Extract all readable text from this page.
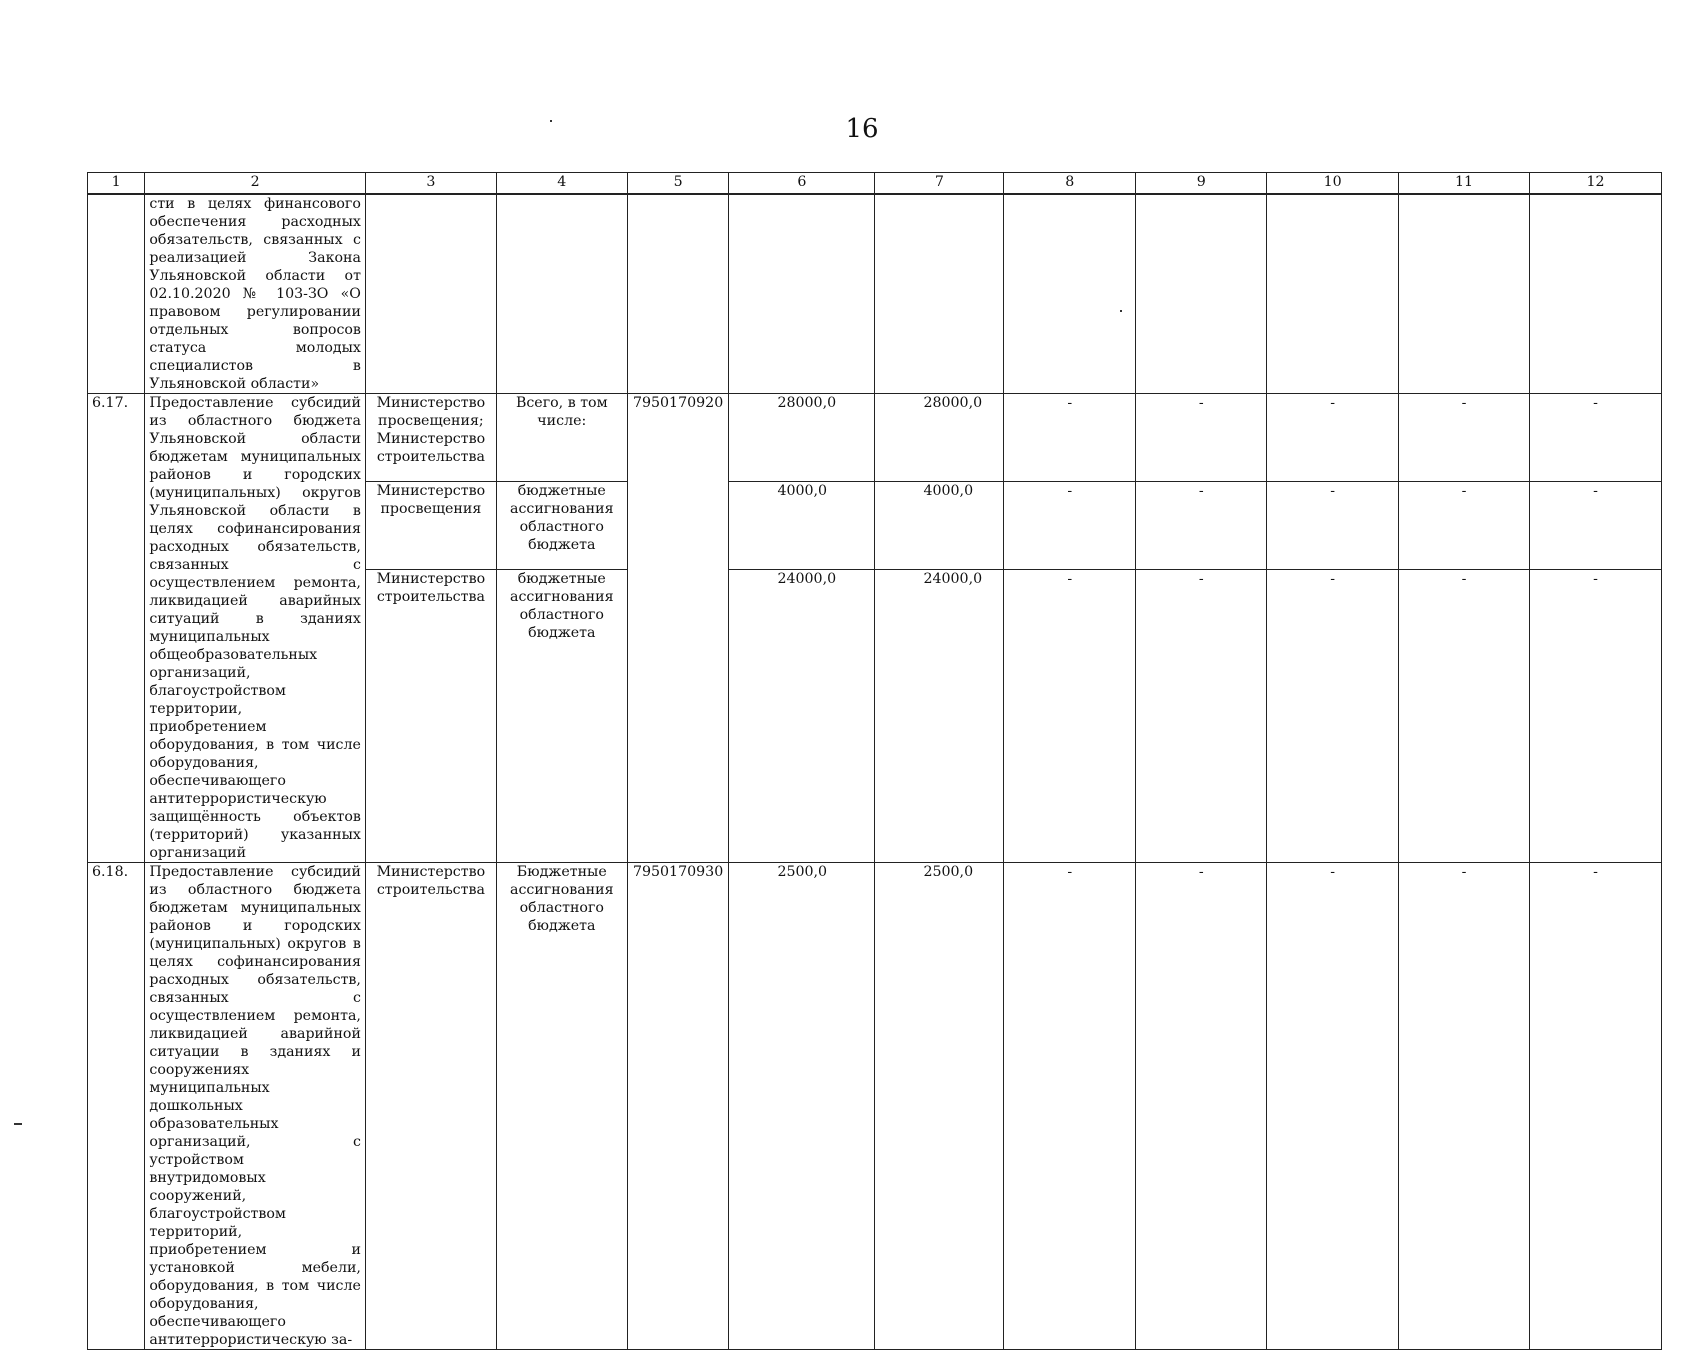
16
1	2	3	4	5	6	7	8	9	10	11	12
	сти в целях финансового обеспечения расходных обязательств, связанных с реализацией Закона Ульяновской области от 02.10.2020 № 103-ЗО «О правовом регулировании отдельных вопросов статуса молодых специалистов в Ульяновской области»										
6.17.	Предоставление субсидий из областного бюджета Ульяновской области бюджетам муниципальных районов и городских (муниципальных) округов Ульяновской области в целях софинансирования расходных обязательств, связанных с осуществлением ремонта, ликвидацией аварийных ситуаций в зданиях муниципальных общеобразовательных организаций, благоустройством территории, приобретением оборудования, в том числе оборудования, обеспечивающего антитеррористическую защищённость объектов (территорий) указанных организаций	Министерство просвещения; Министерство строительства	Всего, в том числе:	7950170920	28000,0	28000,0	-	-	-	-	-
		Министерство просвещения	бюджетные ассигнования областного бюджета		4000,0	4000,0	-	-	-	-	-
		Министерство строительства	бюджетные ассигнования областного бюджета		24000,0	24000,0	-	-	-	-	-
6.18.	Предоставление субсидий из областного бюджета бюджетам муниципальных районов и городских (муниципальных) округов в целях софинансирования расходных обязательств, связанных с осуществлением ремонта, ликвидацией аварийной ситуации в зданиях и сооружениях муниципальных дошкольных образовательных организаций, с устройством внутридомовых сооружений, благоустройством территорий, приобретением и установкой мебели, оборудования, в том числе оборудования, обеспечивающего антитеррористическую за-	Министерство строительства	Бюджетные ассигнования областного бюджета	7950170930	2500,0	2500,0	-	-	-	-	-
